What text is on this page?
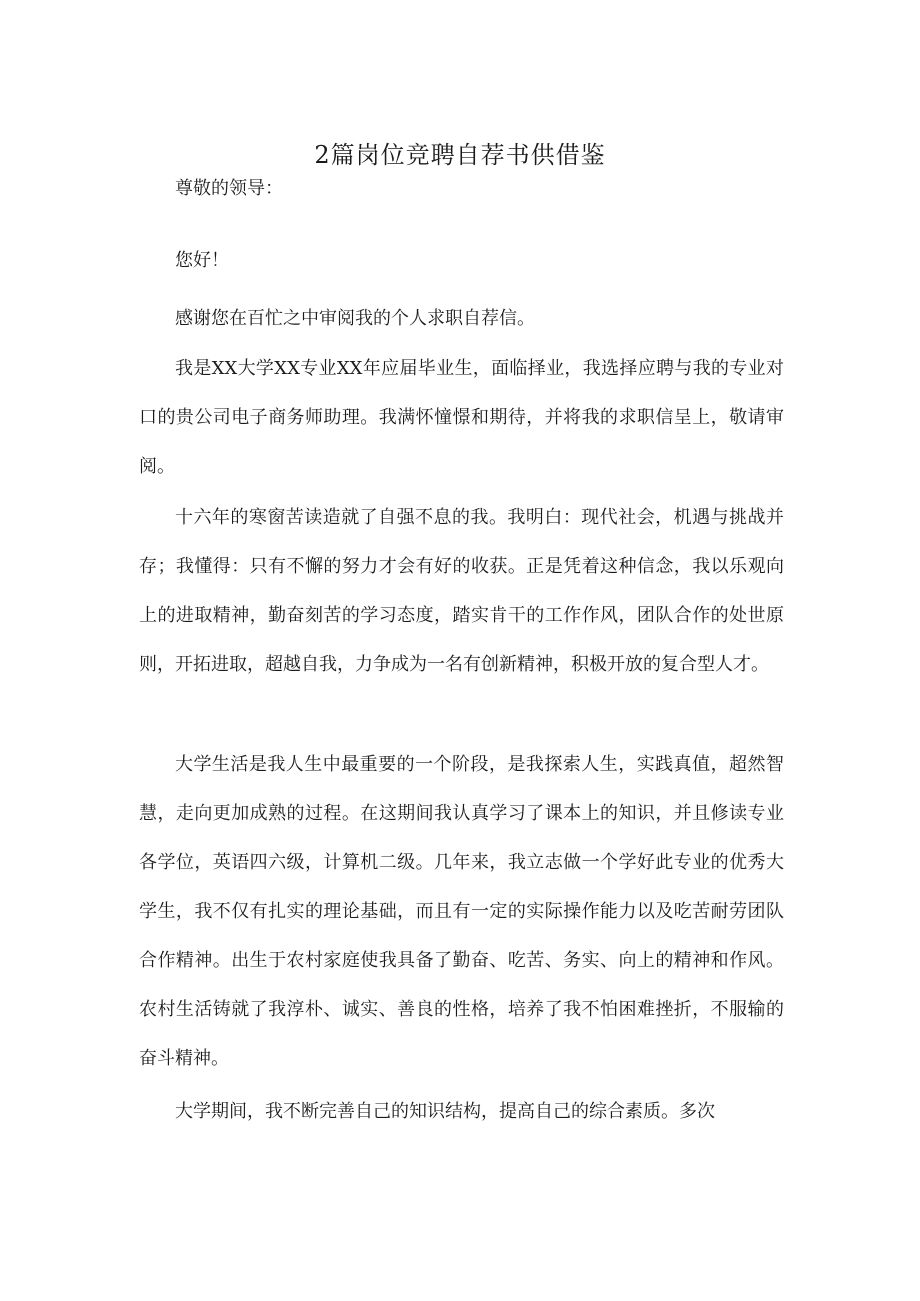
2篇岗位竞聘自荐书供借鉴

尊敬的领导：

您好！

感谢您在百忙之中审阅我的个人求职自荐信。

我是XX大学XX专业XX年应届毕业生，面临择业，我选择应聘与我的专业对口的贵公司电子商务师助理。我满怀憧憬和期待，并将我的求职信呈上，敬请审阅。

十六年的寒窗苦读造就了自强不息的我。我明白：现代社会，机遇与挑战并存；我懂得：只有不懈的努力才会有好的收获。正是凭着这种信念，我以乐观向上的进取精神，勤奋刻苦的学习态度，踏实肯干的工作作风，团队合作的处世原则，开拓进取，超越自我，力争成为一名有创新精神，积极开放的复合型人才。

大学生活是我人生中最重要的一个阶段，是我探索人生，实践真值，超然智慧，走向更加成熟的过程。在这期间我认真学习了课本上的知识，并且修读专业各学位，英语四六级，计算机二级。几年来，我立志做一个学好此专业的优秀大学生，我不仅有扎实的理论基础，而且有一定的实际操作能力以及吃苦耐劳团队合作精神。出生于农村家庭使我具备了勤奋、吃苦、务实、向上的精神和作风。农村生活铸就了我淳朴、诚实、善良的性格，培养了我不怕困难挫折，不服输的奋斗精神。

大学期间，我不断完善自己的知识结构，提高自己的综合素质。多次
